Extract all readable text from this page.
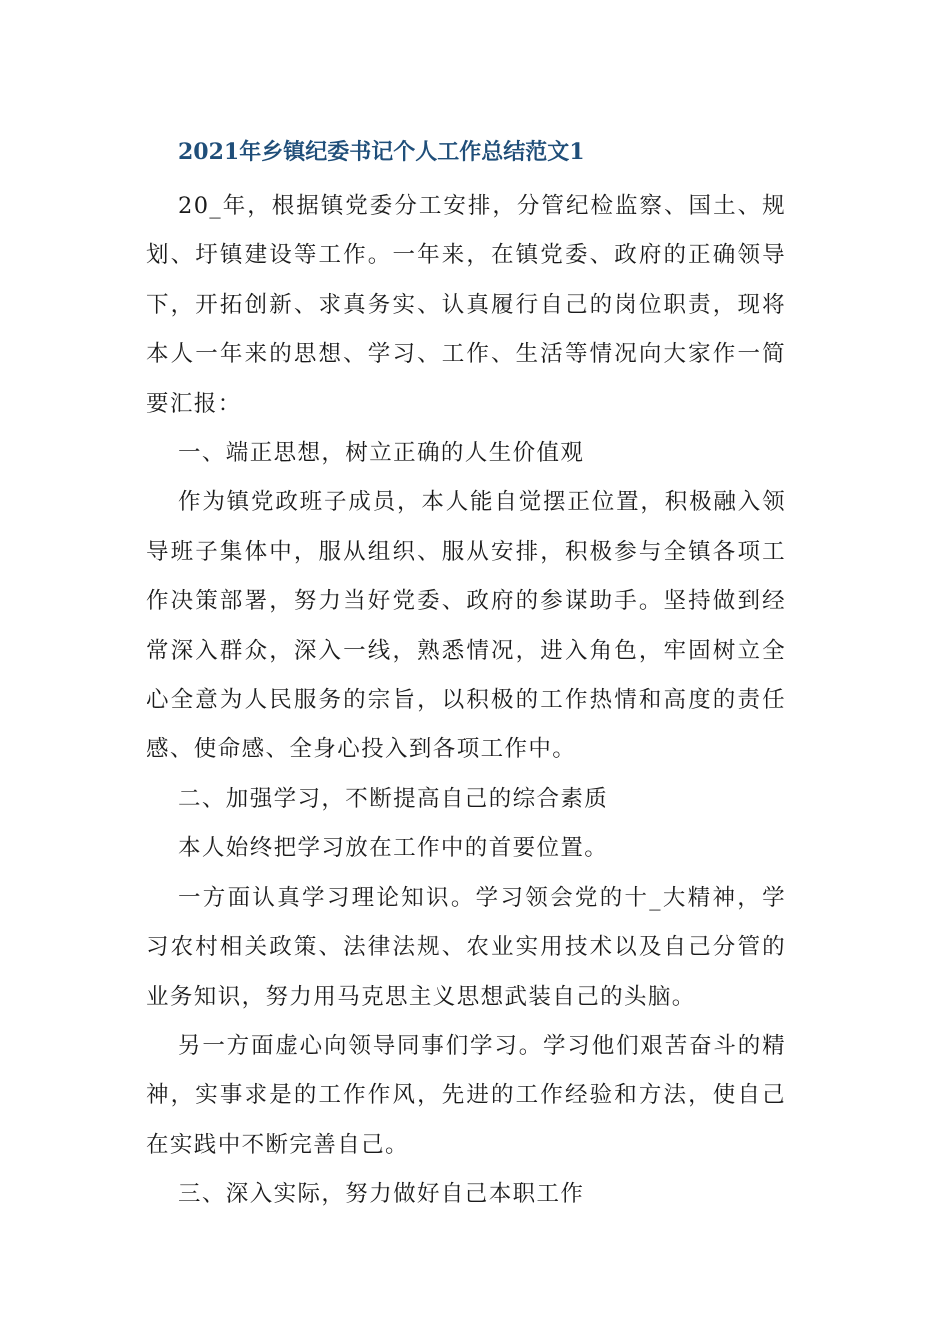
2021年乡镇纪委书记个人工作总结范文1

20_年，根据镇党委分工安排，分管纪检监察、国土、规划、圩镇建设等工作。一年来，在镇党委、政府的正确领导下，开拓创新、求真务实、认真履行自己的岗位职责，现将本人一年来的思想、学习、工作、生活等情况向大家作一简要汇报：

一、端正思想，树立正确的人生价值观

作为镇党政班子成员，本人能自觉摆正位置，积极融入领导班子集体中，服从组织、服从安排，积极参与全镇各项工作决策部署，努力当好党委、政府的参谋助手。坚持做到经常深入群众，深入一线，熟悉情况，进入角色，牢固树立全心全意为人民服务的宗旨，以积极的工作热情和高度的责任感、使命感、全身心投入到各项工作中。

二、加强学习，不断提高自己的综合素质

本人始终把学习放在工作中的首要位置。

一方面认真学习理论知识。学习领会党的十_大精神，学习农村相关政策、法律法规、农业实用技术以及自己分管的业务知识，努力用马克思主义思想武装自己的头脑。

另一方面虚心向领导同事们学习。学习他们艰苦奋斗的精神，实事求是的工作作风，先进的工作经验和方法，使自己在实践中不断完善自己。

三、深入实际，努力做好自己本职工作
